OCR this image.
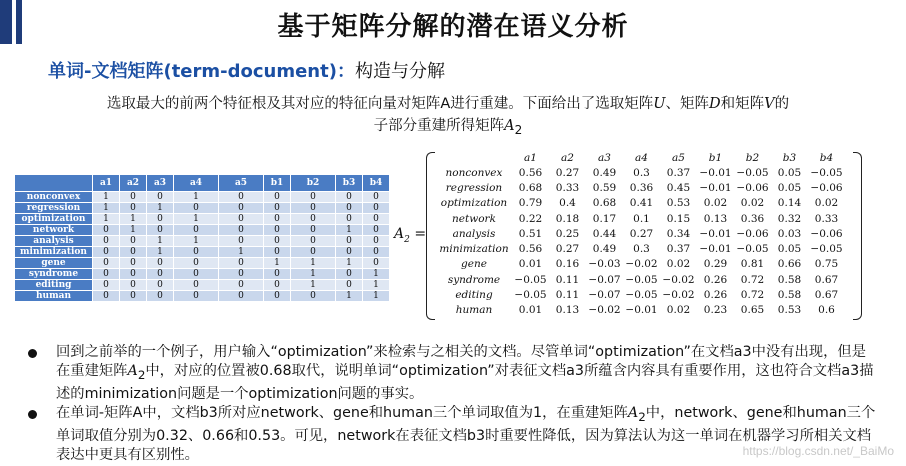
基于矩阵分解的潜在语义分析
单词-文档矩阵(term-document)：构造与分解
选取最大的前两个特征根及其对应的特征向量对矩阵A进行重建。下面给出了选取矩阵U、矩阵D和矩阵V的
子部分重建所得矩阵$A_2$
	a1	a2	a3	a4	a5	b1	b2	b3	b4
nonconvex	1	0	0	1	0	0	0	0	0
regression	1	0	1	0	0	0	0	0	0
optimization	1	1	0	1	0	0	0	0	0
network	0	1	0	0	0	0	0	1	0
analysis	0	0	1	1	0	0	0	0	0
minimization	0	0	1	0	1	0	0	0	0
gene	0	0	0	0	0	1	1	1	0
syndrome	0	0	0	0	0	0	1	0	1
editing	0	0	0	0	0	0	1	0	1
human	0	0	0	0	0	0	0	1	1
$A_2$ =
	a1	a2	a3	a4	a5	b1	b2	b3	b4
nonconvex	0.56	0.27	0.49	0.3	0.37	−0.01	−0.05	0.05	−0.05
regression	0.68	0.33	0.59	0.36	0.45	−0.01	−0.06	0.05	−0.06
optimization	0.79	0.4	0.68	0.41	0.53	0.02	0.02	0.14	0.02
network	0.22	0.18	0.17	0.1	0.15	0.13	0.36	0.32	0.33
analysis	0.51	0.25	0.44	0.27	0.34	−0.01	−0.06	0.03	−0.06
minimization	0.56	0.27	0.49	0.3	0.37	−0.01	−0.05	0.05	−0.05
gene	0.01	0.16	−0.03	−0.02	0.02	0.29	0.81	0.66	0.75
syndrome	−0.05	0.11	−0.07	−0.05	−0.02	0.26	0.72	0.58	0.67
editing	−0.05	0.11	−0.07	−0.05	−0.02	0.26	0.72	0.58	0.67
human	0.01	0.13	−0.02	−0.01	0.02	0.23	0.65	0.53	0.6
回到之前举的一个例子，用户输入“optimization”来检索与之相关的文档。尽管单词“optimization”在文档a3中没有出现，但是在重建矩阵$A_2$中，对应的位置被0.68取代，说明单词“optimization”对表征文档a3所蕴含内容具有重要作用，这也符合文档a3描述的minimization问题是一个optimization问题的事实。
在单词-矩阵A中，文档b3所对应network、gene和human三个单词取值为1，在重建矩阵$A_2$中，network、gene和human三个单词取值分别为0.32、0.66和0.53。可见，network在表征文档b3时重要性降低，因为算法认为这一单词在机器学习所相关文档表达中更具有区别性。	https://blog.csdn.net/_BaiMo
